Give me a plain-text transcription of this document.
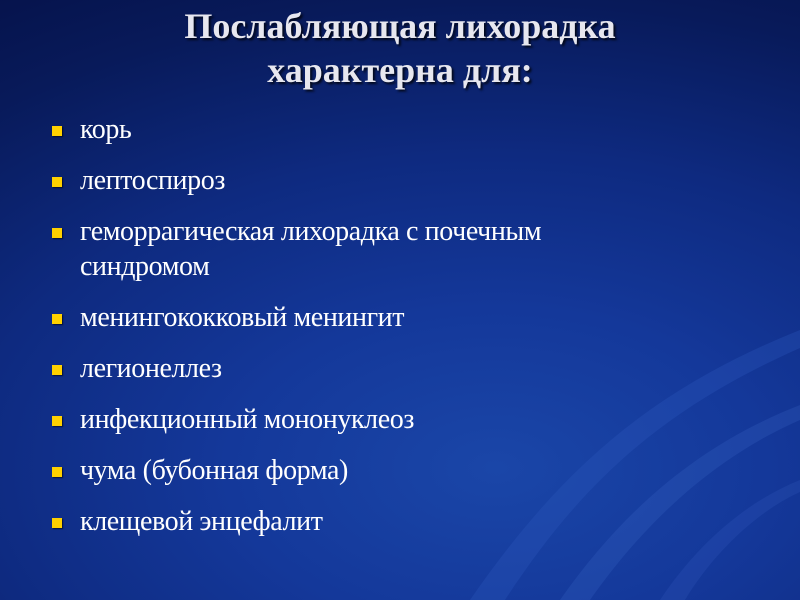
Послабляющая лихорадка
характерна для:
корь
лептоспироз
геморрагическая лихорадка с почечным
синдромом
менингококковый менингит
легионеллез
инфекционный мононуклеоз
чума (бубонная форма)
клещевой энцефалит
